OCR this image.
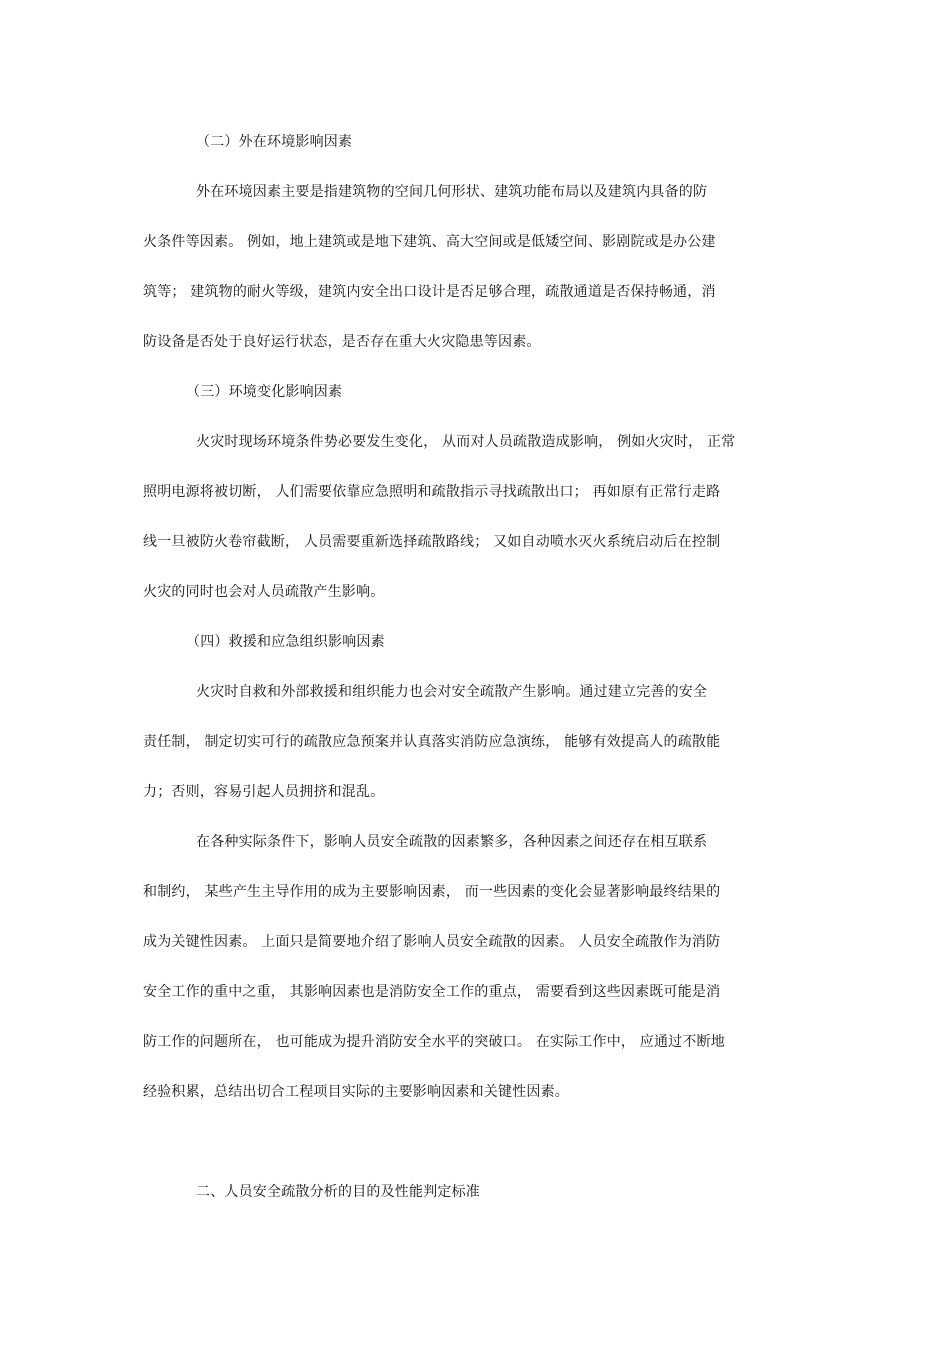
（二）外在环境影响因素
外在环境因素主要是指建筑物的空间几何形状、建筑功能布局以及建筑内具备的防
火条件等因素。 例如，地上建筑或是地下建筑、高大空间或是低矮空间、影剧院或是办公建
筑等； 建筑物的耐火等级，建筑内安全出口设计是否足够合理，疏散通道是否保持畅通，消
防设备是否处于良好运行状态，是否存在重大火灾隐患等因素。
（三）环境变化影响因素
火灾时现场环境条件势必要发生变化， 从而对人员疏散造成影响， 例如火灾时， 正常
照明电源将被切断， 人们需要依靠应急照明和疏散指示寻找疏散出口； 再如原有正常行走路
线一旦被防火卷帘截断， 人员需要重新选择疏散路线； 又如自动喷水灭火系统启动后在控制
火灾的同时也会对人员疏散产生影响。
（四）救援和应急组织影响因素
火灾时自救和外部救援和组织能力也会对安全疏散产生影响。通过建立完善的安全
责任制， 制定切实可行的疏散应急预案并认真落实消防应急演练， 能够有效提高人的疏散能
力；否则，容易引起人员拥挤和混乱。
在各种实际条件下，影响人员安全疏散的因素繁多，各种因素之间还存在相互联系
和制约， 某些产生主导作用的成为主要影响因素， 而一些因素的变化会显著影响最终结果的
成为关键性因素。 上面只是简要地介绍了影响人员安全疏散的因素。 人员安全疏散作为消防
安全工作的重中之重， 其影响因素也是消防安全工作的重点， 需要看到这些因素既可能是消
防工作的问题所在， 也可能成为提升消防安全水平的突破口。 在实际工作中， 应通过不断地
经验积累，总结出切合工程项目实际的主要影响因素和关键性因素。
二、人员安全疏散分析的目的及性能判定标准
